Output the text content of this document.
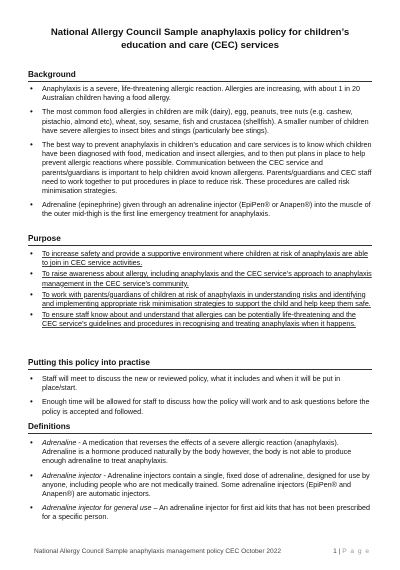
National Allergy Council Sample anaphylaxis policy for children’s education and care (CEC) services
Background
• Anaphylaxis is a severe, life-threatening allergic reaction. Allergies are increasing, with about 1 in 20 Australian children having a food allergy.
• The most common food allergies in children are milk (dairy), egg, peanuts, tree nuts (e.g. cashew, pistachio, almond etc), wheat, soy, sesame, fish and crustacea (shellfish). A smaller number of children have severe allergies to insect bites and stings (particularly bee stings).
• The best way to prevent anaphylaxis in children’s education and care services is to know which children have been diagnosed with food, medication and insect allergies, and to then put plans in place to help prevent allergic reactions where possible. Communication between the CEC service and parents/guardians is important to help children avoid known allergens. Parents/guardians and CEC staff need to work together to put procedures in place to reduce risk. These procedures are called risk minimisation strategies.
• Adrenaline (epinephrine) given through an adrenaline injector (EpiPen® or Anapen®) into the muscle of the outer mid-thigh is the first line emergency treatment for anaphylaxis.
Purpose
• To increase safety and provide a supportive environment where children at risk of anaphylaxis are able to join in CEC service activities.
• To raise awareness about allergy, including anaphylaxis and the CEC service’s approach to anaphylaxis management in the CEC service’s community.
• To work with parents/guardians of children at risk of anaphylaxis in understanding risks and identifying and implementing appropriate risk minimisation strategies to support the child and help keep them safe.
• To ensure staff know about and understand that allergies can be potentially life-threatening and the CEC service’s guidelines and procedures in recognising and treating anaphylaxis when it happens.
Putting this policy into practise
• Staff will meet to discuss the new or reviewed policy, what it includes and when it will be put in place/start.
• Enough time will be allowed for staff to discuss how the policy will work and to ask questions before the policy is accepted and followed.
Definitions
• Adrenaline - A medication that reverses the effects of a severe allergic reaction (anaphylaxis). Adrenaline is a hormone produced naturally by the body however, the body is not able to produce enough adrenaline to treat anaphylaxis.
• Adrenaline injector - Adrenaline injectors contain a single, fixed dose of adrenaline, designed for use by anyone, including people who are not medically trained. Some adrenaline injectors (EpiPen® and Anapen®) are automatic injectors.
• Adrenaline injector for general use – An adrenaline injector for first aid kits that has not been prescribed for a specific person.
National Allergy Council Sample anaphylaxis management policy CEC October 2022	1 | P a g e
